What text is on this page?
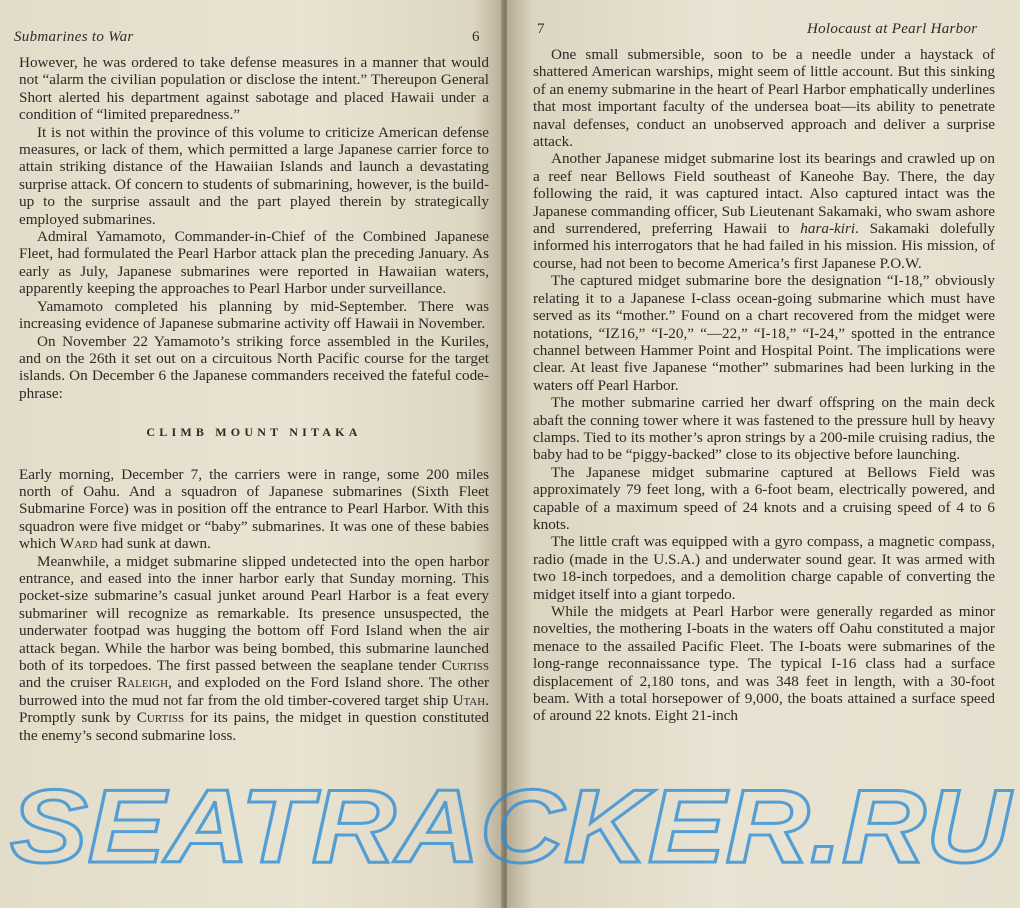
Submarines to War	6

However, he was ordered to take defense measures in a manner that would not “alarm the civilian population or disclose the intent.” Thereupon General Short alerted his department against sabotage and placed Hawaii under a condition of “limited preparedness.”

It is not within the province of this volume to criticize American defense measures, or lack of them, which permitted a large Japanese carrier force to attain striking distance of the Hawaiian Islands and launch a devastating surprise attack. Of concern to students of submarining, however, is the build-up to the surprise assault and the part played therein by strategically employed submarines.

Admiral Yamamoto, Commander-in-Chief of the Combined Japanese Fleet, had formulated the Pearl Harbor attack plan the preceding January. As early as July, Japanese submarines were reported in Hawaiian waters, apparently keeping the approaches to Pearl Harbor under surveillance.

Yamamoto completed his planning by mid-September. There was increasing evidence of Japanese submarine activity off Hawaii in November.

On November 22 Yamamoto’s striking force assembled in the Kuriles, and on the 26th it set out on a circuitous North Pacific course for the target islands. On December 6 the Japanese commanders received the fateful code-phrase:

CLIMB MOUNT NITAKA

Early morning, December 7, the carriers were in range, some 200 miles north of Oahu. And a squadron of Japanese submarines (Sixth Fleet Submarine Force) was in position off the entrance to Pearl Harbor. With this squadron were five midget or “baby” submarines. It was one of these babies which Ward had sunk at dawn.

Meanwhile, a midget submarine slipped undetected into the open harbor entrance, and eased into the inner harbor early that Sunday morning. This pocket-size submarine’s casual junket around Pearl Harbor is a feat every submariner will recognize as remarkable. Its presence unsuspected, the underwater footpad was hugging the bottom off Ford Island when the air attack began. While the harbor was being bombed, this submarine launched both of its torpedoes. The first passed between the seaplane tender Curtiss and the cruiser Raleigh, and exploded on the Ford Island shore. The other burrowed into the mud not far from the old timber-covered target ship Utah. Promptly sunk by Curtiss for its pains, the midget in question constituted the enemy’s second submarine loss.

7	Holocaust at Pearl Harbor

One small submersible, soon to be a needle under a haystack of shattered American warships, might seem of little account. But this sinking of an enemy submarine in the heart of Pearl Harbor emphatically underlines that most important faculty of the undersea boat—its ability to penetrate naval defenses, conduct an unobserved approach and deliver a surprise attack.

Another Japanese midget submarine lost its bearings and crawled up on a reef near Bellows Field southeast of Kaneohe Bay. There, the day following the raid, it was captured intact. Also captured intact was the Japanese commanding officer, Sub Lieutenant Sakamaki, who swam ashore and surrendered, preferring Hawaii to hara-kiri. Sakamaki dolefully informed his interrogators that he had failed in his mission. His mission, of course, had not been to become America’s first Japanese P.O.W.

The captured midget submarine bore the designation “I-18,” obviously relating it to a Japanese I-class ocean-going submarine which must have served as its “mother.” Found on a chart recovered from the midget were notations, “IZ16,” “I-20,” “—22,” “I-18,” “I-24,” spotted in the entrance channel between Hammer Point and Hospital Point. The implications were clear. At least five Japanese “mother” submarines had been lurking in the waters off Pearl Harbor.

The mother submarine carried her dwarf offspring on the main deck abaft the conning tower where it was fastened to the pressure hull by heavy clamps. Tied to its mother’s apron strings by a 200-mile cruising radius, the baby had to be “piggy-backed” close to its objective before launching.

The Japanese midget submarine captured at Bellows Field was approximately 79 feet long, with a 6-foot beam, electrically powered, and capable of a maximum speed of 24 knots and a cruising speed of 4 to 6 knots.

The little craft was equipped with a gyro compass, a magnetic compass, radio (made in the U.S.A.) and underwater sound gear. It was armed with two 18-inch torpedoes, and a demolition charge capable of converting the midget itself into a giant torpedo.

While the midgets at Pearl Harbor were generally regarded as minor novelties, the mothering I-boats in the waters off Oahu constituted a major menace to the assailed Pacific Fleet. The I-boats were submarines of the long-range reconnaissance type. The typical I-16 class had a surface displacement of 2,180 tons, and was 348 feet in length, with a 30-foot beam. With a total horsepower of 9,000, the boats attained a surface speed of around 22 knots. Eight 21-inch

SEATRACKER.RU
